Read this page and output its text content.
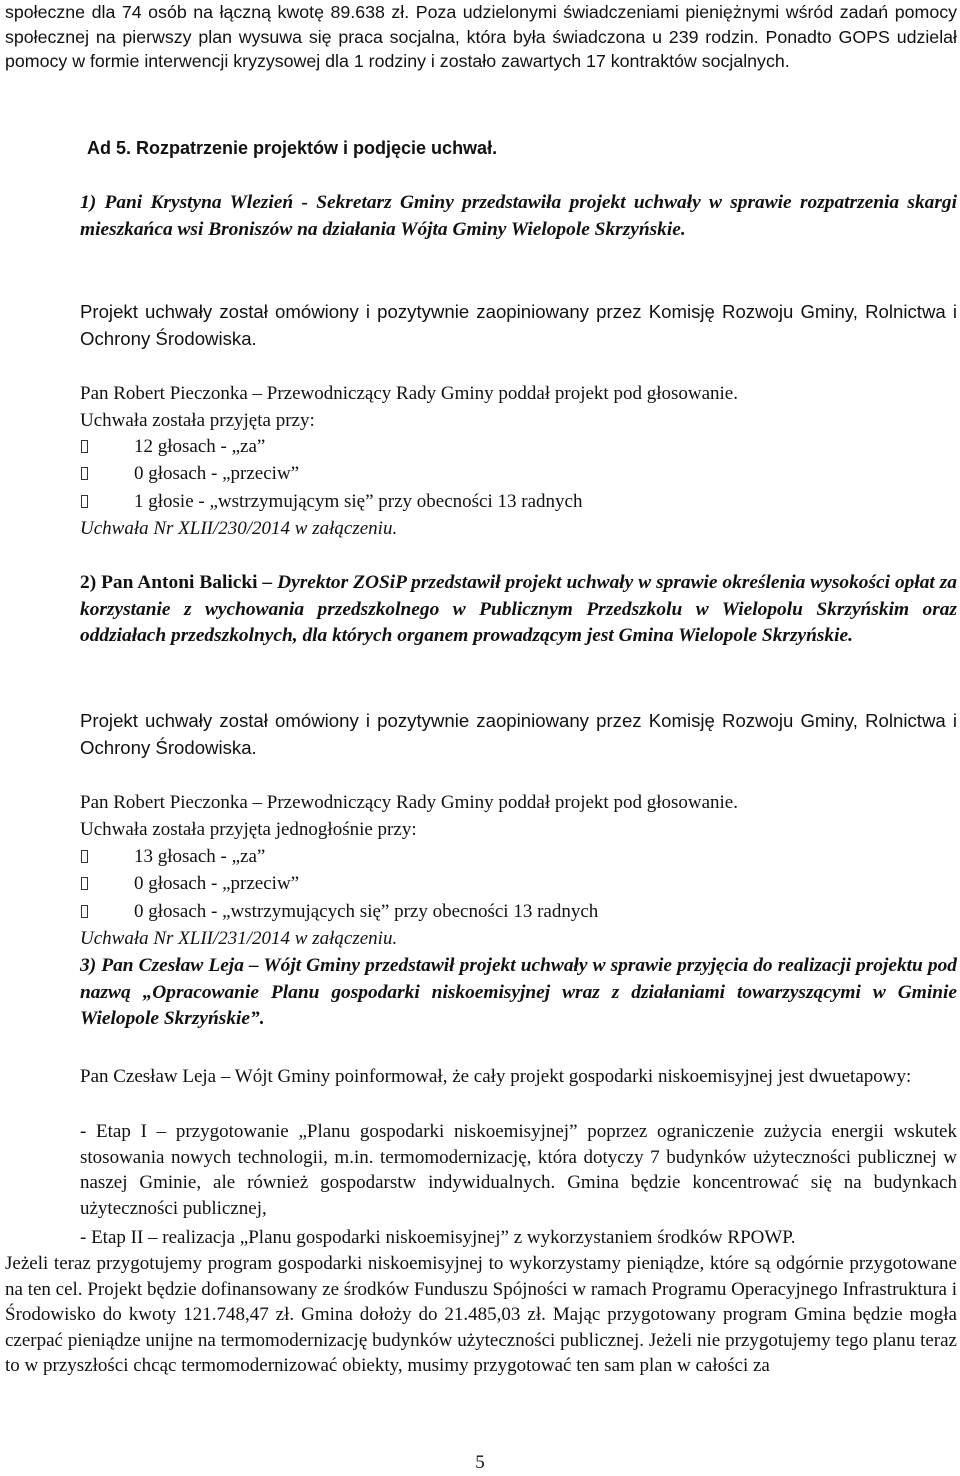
społeczne dla 74 osób na łączną kwotę 89.638 zł. Poza udzielonymi świadczeniami pieniężnymi wśród zadań pomocy społecznej na pierwszy plan wysuwa się praca socjalna, która była świadczona u 239 rodzin. Ponadto GOPS udzielał pomocy w formie interwencji kryzysowej dla 1 rodziny i zostało zawartych 17 kontraktów socjalnych.
Ad 5. Rozpatrzenie projektów i podjęcie uchwał.
1) Pani Krystyna Wlezień - Sekretarz Gminy przedstawiła projekt uchwały w sprawie rozpatrzenia skargi mieszkańca wsi Broniszów na działania Wójta Gminy Wielopole Skrzyńskie.
Projekt uchwały został omówiony i pozytywnie zaopiniowany przez Komisję Rozwoju Gminy, Rolnictwa i Ochrony Środowiska.
Pan Robert Pieczonka – Przewodniczący Rady Gminy poddał projekt pod głosowanie.
Uchwała została przyjęta przy:
12 głosach - „za”
0 głosach - „przeciw”
1 głosie - „wstrzymującym się” przy obecności 13 radnych
Uchwała Nr XLII/230/2014 w załączeniu.
2) Pan Antoni Balicki – Dyrektor ZOSiP przedstawił projekt uchwały w sprawie określenia wysokości opłat za korzystanie z wychowania przedszkolnego w Publicznym Przedszkolu w Wielopolu Skrzyńskim oraz oddziałach przedszkolnych, dla których organem prowadzącym jest Gmina Wielopole Skrzyńskie.
Projekt uchwały został omówiony i pozytywnie zaopiniowany przez Komisję Rozwoju Gminy, Rolnictwa i Ochrony Środowiska.
Pan Robert Pieczonka – Przewodniczący Rady Gminy poddał projekt pod głosowanie.
Uchwała została przyjęta jednogłośnie przy:
13 głosach - „za”
0 głosach - „przeciw”
0 głosach - „wstrzymujących się” przy obecności 13 radnych
Uchwała Nr XLII/231/2014 w załączeniu.
3) Pan Czesław Leja – Wójt Gminy przedstawił projekt uchwały w sprawie przyjęcia do realizacji projektu pod nazwą „Opracowanie Planu gospodarki niskoemisyjnej wraz z działaniami towarzyszącymi w Gminie Wielopole Skrzyńskie”.
Pan Czesław Leja – Wójt Gminy poinformował, że cały projekt gospodarki niskoemisyjnej jest dwuetapowy:
- Etap I – przygotowanie „Planu gospodarki niskoemisyjnej” poprzez ograniczenie zużycia energii wskutek stosowania nowych technologii, m.in. termomodernizację, która dotyczy 7 budynków użyteczności publicznej w naszej Gminie, ale również gospodarstw indywidualnych. Gmina będzie koncentrować się na budynkach użyteczności publicznej,
- Etap II – realizacja „Planu gospodarki niskoemisyjnej” z wykorzystaniem środków RPOWP.
Jeżeli teraz przygotujemy program gospodarki niskoemisyjnej to wykorzystamy pieniądze, które są odgórnie przygotowane na ten cel. Projekt będzie dofinansowany ze środków Funduszu Spójności w ramach Programu Operacyjnego Infrastruktura i Środowisko do kwoty 121.748,47 zł. Gmina dołoży do 21.485,03 zł. Mając przygotowany program Gmina będzie mogła czerpać pieniądze unijne na termomodernizację budynków użyteczności publicznej. Jeżeli nie przygotujemy tego planu teraz to w przyszłości chcąc termomodernizować obiekty, musimy przygotować ten sam plan w całości za
5
